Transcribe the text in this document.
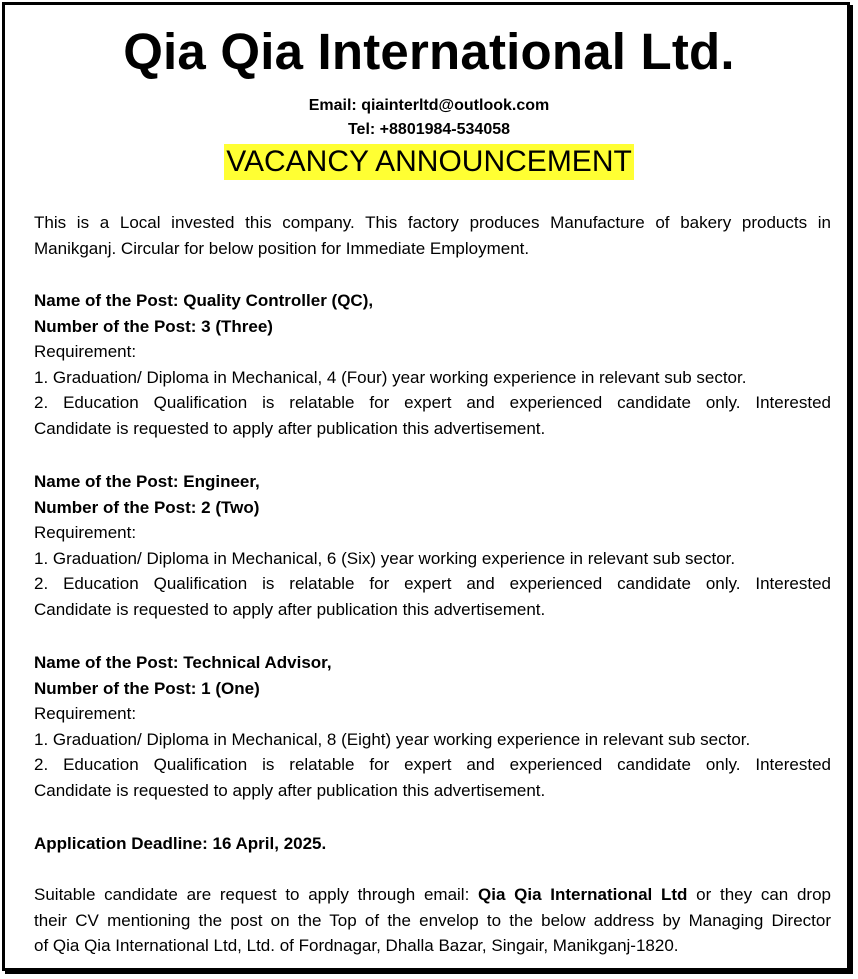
Qia Qia International Ltd.
Email: qiainterltd@outlook.com
Tel: +8801984-534058
VACANCY ANNOUNCEMENT
This is a Local invested this company. This factory produces Manufacture of bakery products in
Manikganj. Circular for below position for Immediate Employment.
Name of the Post: Quality Controller (QC),
Number of the Post: 3 (Three)
Requirement:
1. Graduation/ Diploma in Mechanical, 4 (Four) year working experience in relevant sub sector.
2. Education Qualification is relatable for expert and experienced candidate only. Interested
Candidate is requested to apply after publication this advertisement.
Name of the Post: Engineer,
Number of the Post: 2 (Two)
Requirement:
1. Graduation/ Diploma in Mechanical, 6 (Six) year working experience in relevant sub sector.
2. Education Qualification is relatable for expert and experienced candidate only. Interested
Candidate is requested to apply after publication this advertisement.
Name of the Post: Technical Advisor,
Number of the Post: 1 (One)
Requirement:
1. Graduation/ Diploma in Mechanical, 8 (Eight) year working experience in relevant sub sector.
2. Education Qualification is relatable for expert and experienced candidate only. Interested
Candidate is requested to apply after publication this advertisement.
Application Deadline: 16 April, 2025.
Suitable candidate are request to apply through email: Qia Qia International Ltd or they can drop
their CV mentioning the post on the Top of the envelop to the below address by Managing Director
of Qia Qia International Ltd, Ltd. of Fordnagar, Dhalla Bazar, Singair, Manikganj-1820.
